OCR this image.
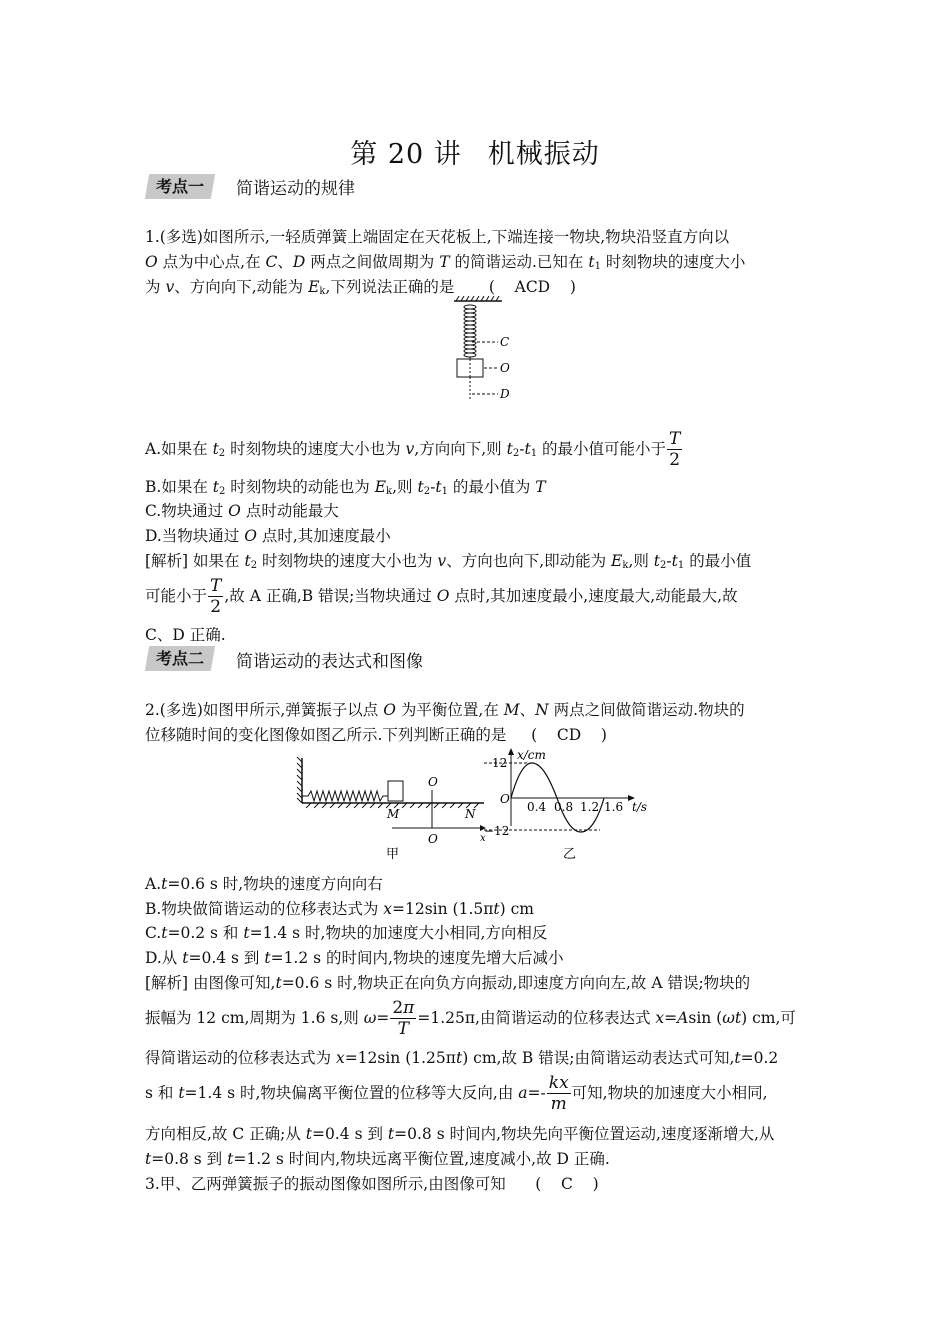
第 20 讲 机械振动
考点一	简谐运动的规律
1.(多选)如图所示,一轻质弹簧上端固定在天花板上,下端连接一物块,物块沿竖直方向以
O 点为中心点,在 C、D 两点之间做周期为 T 的简谐运动.已知在 $t_1$ 时刻物块的速度大小
为 v、方向向下,动能为 $E_k$,下列说法正确的是       (    ACD    )
C
O
D
A.如果在 $t_2$ 时刻物块的速度大小也为 v,方向向下,则 $t_2-t_1$ 的最小值可能小于 $\frac{T}{2}$
B.如果在 $t_2$ 时刻物块的动能也为 $E_k$,则 $t_2-t_1$ 的最小值为 T
C.物块通过 O 点时动能最大
D.当物块通过 O 点时,其加速度最小
[解析] 如果在 $t_2$ 时刻物块的速度大小也为 v、方向也向下,即动能为 $E_k$,则 $t_2-t_1$ 的最小值
可能小于 $\frac{T}{2}$ ,故 A 正确,B 错误;当物块通过 O 点时,其加速度最小,速度最大,动能最大,故
C、D 正确.
考点二	简谐运动的表达式和图像
2.(多选)如图甲所示,弹簧振子以点 O 为平衡位置,在 M、N 两点之间做简谐运动.物块的
位移随时间的变化图像如图乙所示.下列判断正确的是     (    CD    )
O
M	N
O	x
甲
x/cm
12
O
−12
0.4 0.8 1.2 1.6 t/s
乙
A.t=0.6 s 时,物块的速度方向向右
B.物块做简谐运动的位移表达式为 x=12sin (1.5πt) cm
C.t=0.2 s 和 t=1.4 s 时,物块的加速度大小相同,方向相反
D.从 t=0.4 s 到 t=1.2 s 的时间内,物块的速度先增大后减小
[解析] 由图像可知,t=0.6 s 时,物块正在向负方向振动,即速度方向向左,故 A 错误;物块的
振幅为 12 cm,周期为 1.6 s,则 $\omega= \frac{2\pi}{T} =1.25\pi$,由简谐运动的位移表达式 x=Asin (ωt) cm,可
得简谐运动的位移表达式为 x=12sin (1.25πt) cm,故 B 错误;由简谐运动表达式可知,t=0.2
s 和 t=1.4 s 时,物块偏离平衡位置的位移等大反向,由 $a=- \frac{kx}{m}$ 可知,物块的加速度大小相同,
方向相反,故 C 正确;从 t=0.4 s 到 t=0.8 s 时间内,物块先向平衡位置运动,速度逐渐增大,从
t=0.8 s 到 t=1.2 s 时间内,物块远离平衡位置,速度减小,故 D 正确.
3.甲、乙两弹簧振子的振动图像如图所示,由图像可知      (    C    )
